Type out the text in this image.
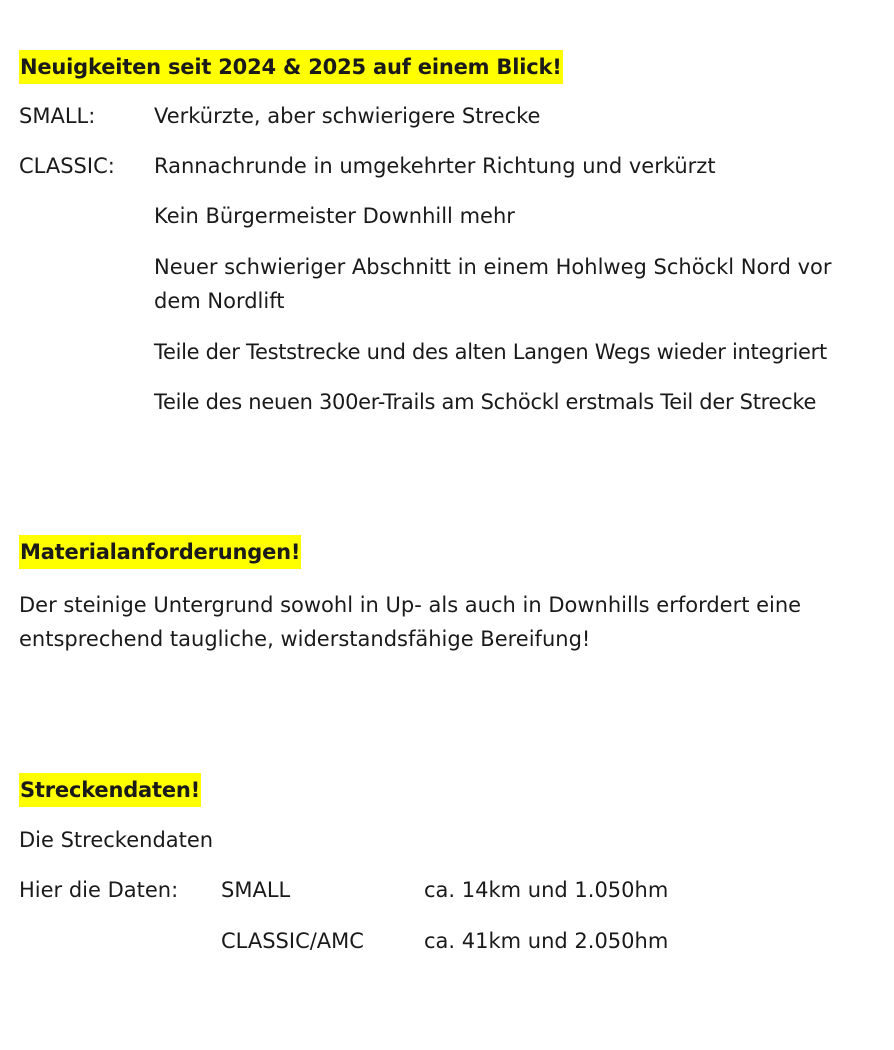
Neuigkeiten seit 2024 & 2025 auf einem Blick!
SMALL:	Verkürzte, aber schwierigere Strecke
CLASSIC: Rannachrunde in umgekehrter Richtung und verkürzt
Kein Bürgermeister Downhill mehr
Neuer schwieriger Abschnitt in einem Hohlweg Schöckl Nord vor dem Nordlift
Teile der Teststrecke und des alten Langen Wegs wieder integriert
Teile des neuen 300er-Trails am Schöckl erstmals Teil der Strecke
Materialanforderungen!
Der steinige Untergrund sowohl in Up- als auch in Downhills erfordert eine entsprechend taugliche, widerstandsfähige Bereifung!
Streckendaten!
Die Streckendaten
Hier die Daten: SMALL	ca. 14km und 1.050hm
CLASSIC/AMC	ca. 41km und 2.050hm
